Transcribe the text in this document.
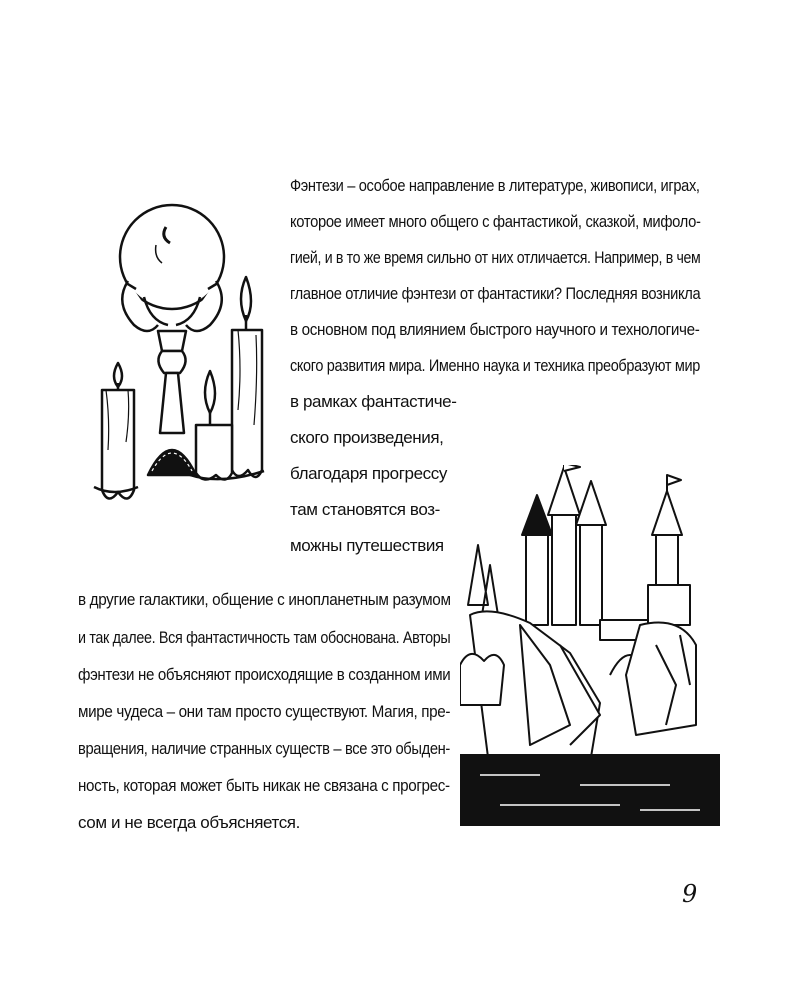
Фэнтези – особое направление в литературе, живописи, играх,
которое имеет много общего с фантастикой, сказкой, мифоло-
гией, и в то же время сильно от них отличается. Например, в чем
главное отличие фэнтези от фантастики? Последняя возникла
в основном под влиянием быстрого научного и технологиче-
ского развития мира. Именно наука и техника преобразуют мир
в рамках фантастиче-
ского произведения,
благодаря прогрессу
там становятся воз-
можны путешествия
в другие галактики, общение с инопланетным разумом
и так далее. Вся фантастичность там обоснована. Авторы
фэнтези не объясняют происходящие в созданном ими
мире чудеса – они там просто существуют. Магия, пре-
вращения, наличие странных существ – все это обыден-
ность, которая может быть никак не связана с прогрес-
сом и не всегда объясняется.
9
